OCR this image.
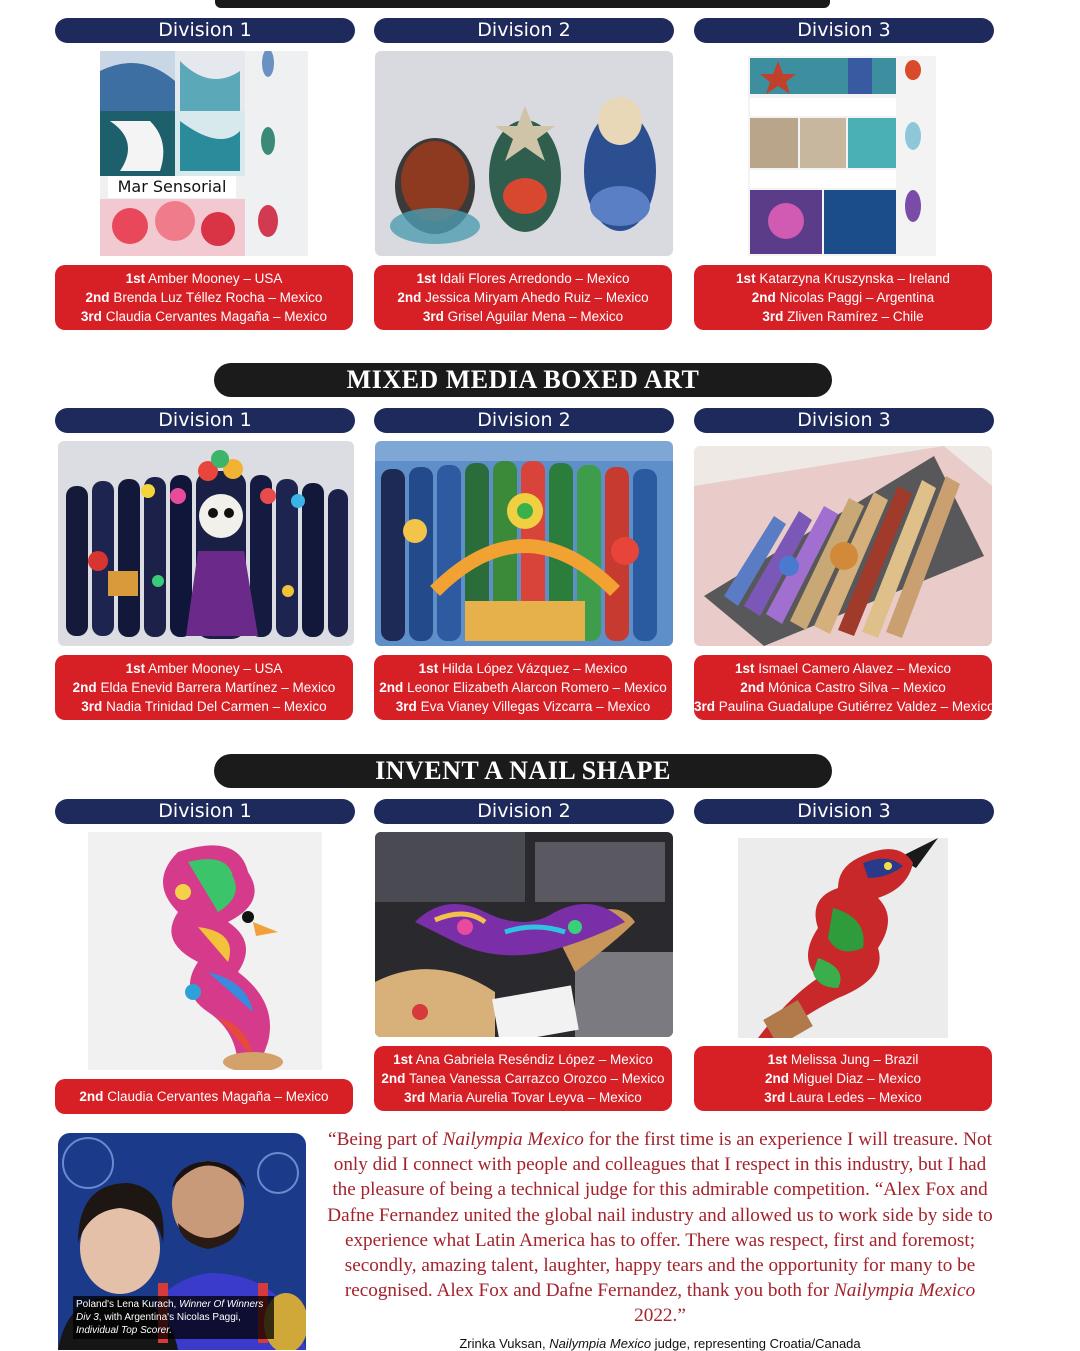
Division 1	Division 2	Division 3
Mar Sensorial
1st Amber Mooney – USA
2nd Brenda Luz Téllez Rocha – Mexico
3rd Claudia Cervantes Magaña – Mexico
1st Idali Flores Arredondo – Mexico
2nd Jessica Miryam Ahedo Ruiz – Mexico
3rd Grisel Aguilar Mena – Mexico
1st Katarzyna Kruszynska – Ireland
2nd Nicolas Paggi – Argentina
3rd Zliven Ramírez – Chile
MIXED MEDIA BOXED ART
Division 1	Division 2	Division 3
1st Amber Mooney – USA
2nd Elda Enevid Barrera Martínez – Mexico
3rd Nadia Trinidad Del Carmen – Mexico
1st Hilda López Vázquez – Mexico
2nd Leonor Elizabeth Alarcon Romero – Mexico
3rd Eva Vianey Villegas Vizcarra – Mexico
1st Ismael Camero Alavez – Mexico
2nd Mónica Castro Silva – Mexico
3rd Paulina Guadalupe Gutiérrez Valdez – Mexico
INVENT A NAIL SHAPE
Division 1	Division 2	Division 3
2nd Claudia Cervantes Magaña – Mexico
1st Ana Gabriela Reséndiz López – Mexico
2nd Tanea Vanessa Carrazco Orozco – Mexico
3rd Maria Aurelia Tovar Leyva – Mexico
1st Melissa Jung – Brazil
2nd Miguel Diaz – Mexico
3rd Laura Ledes – Mexico
Poland's Lena Kurach, Winner Of Winners Div 3, with Argentina's Nicolas Paggi, Individual Top Scorer.
“Being part of Nailympia Mexico for the first time is an experience I will treasure. Not only did I connect with people and colleagues that I respect in this industry, but I had the pleasure of being a technical judge for this admirable competition. “Alex Fox and Dafne Fernandez united the global nail industry and allowed us to work side by side to experience what Latin America has to offer. There was respect, first and foremost; secondly, amazing talent, laughter, happy tears and the opportunity for many to be recognised. Alex Fox and Dafne Fernandez, thank you both for Nailympia Mexico 2022.”
Zrinka Vuksan, Nailympia Mexico judge, representing Croatia/Canada
